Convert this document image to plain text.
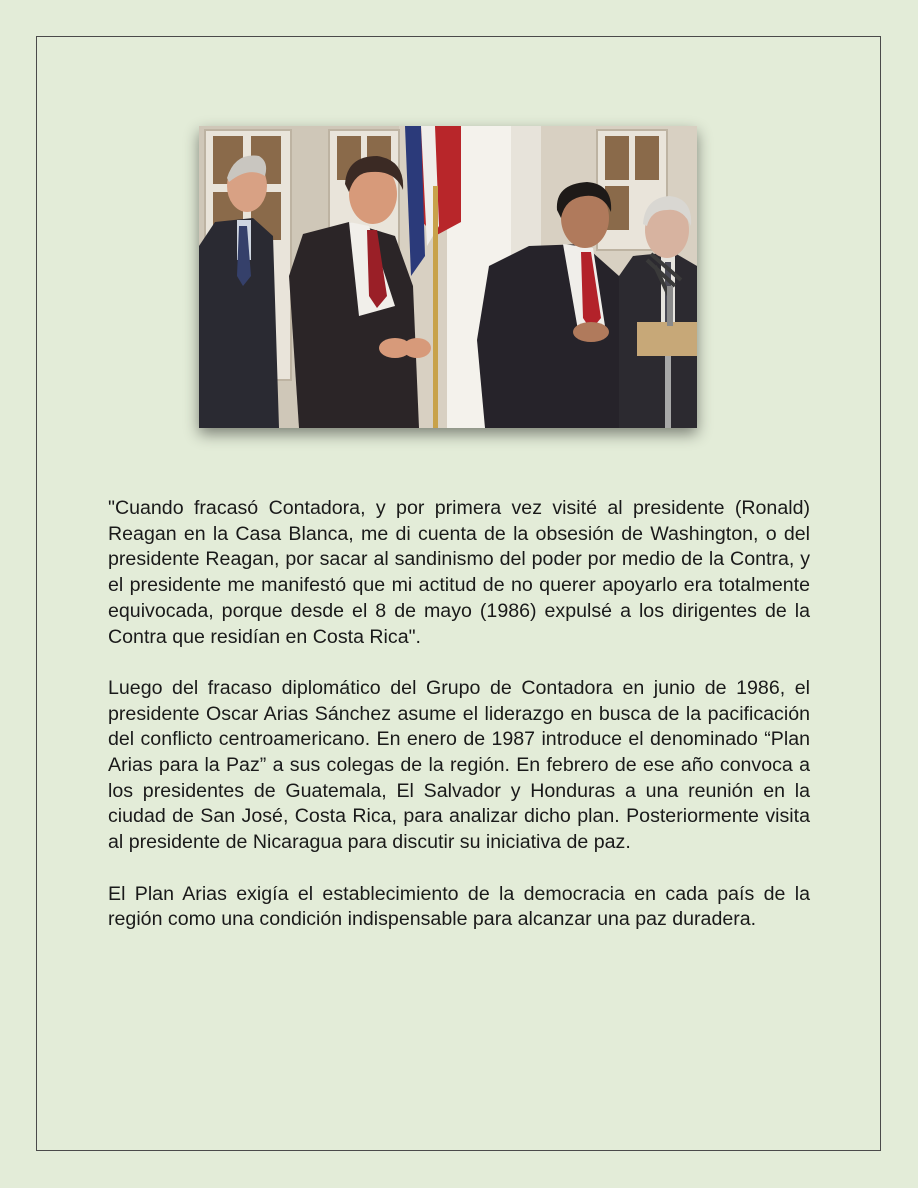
"Cuando fracasó Contadora, y por primera vez visité al presidente (Ronald) Reagan en la Casa Blanca, me di cuenta de la obsesión de Washington, o del presidente Reagan, por sacar al sandinismo del poder por medio de la Contra, y el presidente me manifestó que mi actitud de no querer apoyarlo era totalmente equivocada, porque desde el 8 de mayo (1986) expulsé a los dirigentes de la Contra que residían en Costa Rica".

Luego del fracaso diplomático del Grupo de Contadora en junio de 1986, el presidente Oscar Arias Sánchez asume el liderazgo en busca de la pacificación del conflicto centroamericano. En enero de 1987 introduce el denominado “Plan Arias para la Paz” a sus colegas de la región. En febrero de ese año convoca a los presidentes de Guatemala, El Salvador y Honduras a una reunión en la ciudad de San José, Costa Rica, para analizar dicho plan. Posteriormente visita al presidente de Nicaragua para discutir su iniciativa de paz.

El Plan Arias exigía el establecimiento de la democracia en cada país de la región como una condición indispensable para alcanzar una paz duradera.
